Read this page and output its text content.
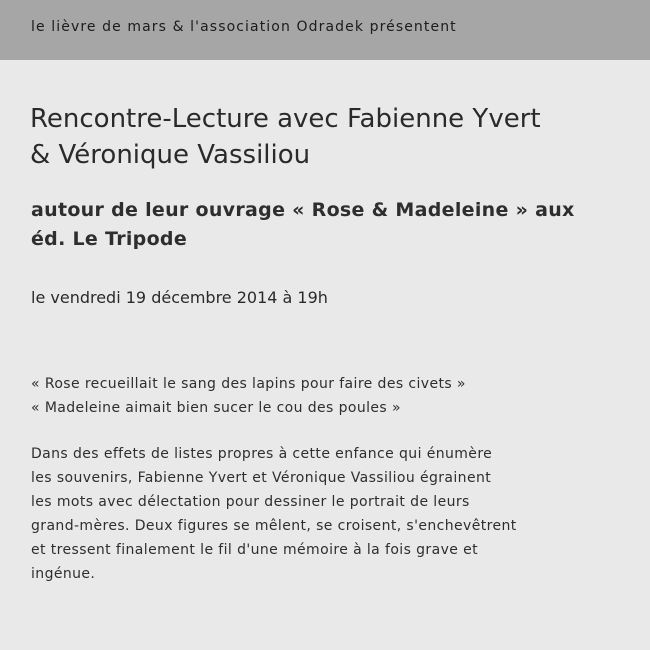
le lièvre de mars & l'association Odradek présentent
Rencontre-Lecture avec Fabienne Yvert
& Véronique Vassiliou
autour de leur ouvrage « Rose & Madeleine » aux
éd. Le Tripode
le vendredi 19 décembre 2014 à 19h
« Rose recueillait le sang des lapins pour faire des civets »
« Madeleine aimait bien sucer le cou des poules »
Dans des effets de listes propres à cette enfance qui énumère
les souvenirs, Fabienne Yvert et Véronique Vassiliou égrainent
les mots avec délectation pour dessiner le portrait de leurs
grand-mères. Deux figures se mêlent, se croisent, s'enchevêtrent
et tressent finalement le fil d'une mémoire à la fois grave et
ingénue.
